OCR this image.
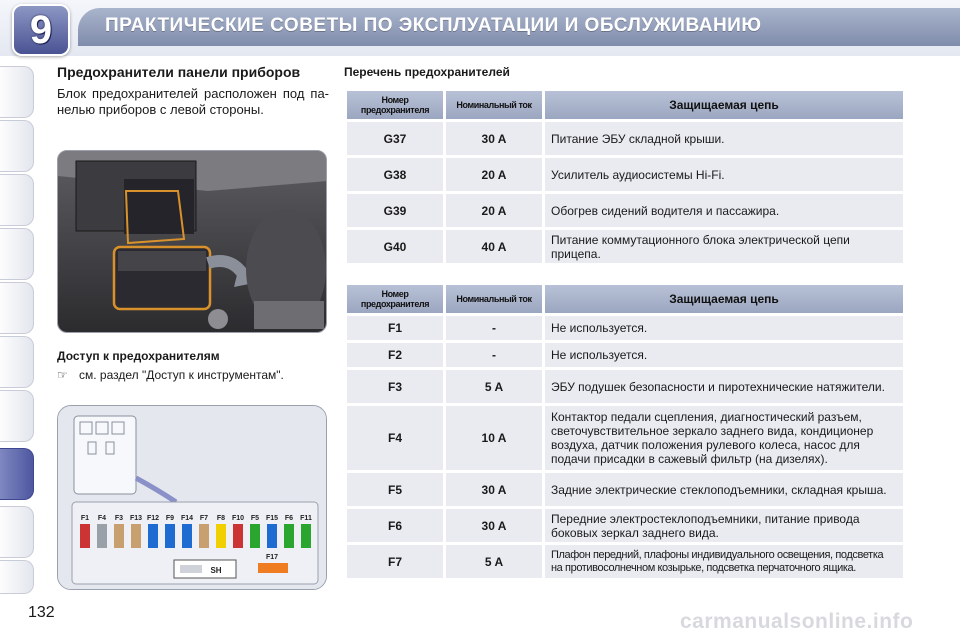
ПРАКТИЧЕСКИЕ СОВЕТЫ ПО ЭКСПЛУАТАЦИИ И ОБСЛУЖИВАНИЮ
9
Предохранители панели приборов
Блок предохранителей расположен под па- нелью приборов с левой стороны.
Доступ к предохранителям
☞ см. раздел "Доступ к инструментам".
F1 F4 F3 F13 F12 F9 F14 F7 F8 F10 F5 F15 F6 F11
SH
F17
Перечень предохранителей
Номер предохранителя	Номинальный ток	Защищаемая цепь
G37	30 A	Питание ЭБУ складной крыши.
G38	20 A	Усилитель аудиосистемы Hi-Fi.
G39	20 A	Обогрев сидений водителя и пассажира.
G40	40 A	Питание коммутационного блока электрической цепи прицепа.
Номер предохранителя	Номинальный ток	Защищаемая цепь
F1	-	Не используется.
F2	-	Не используется.
F3	5 A	ЭБУ подушек безопасности и пиротехнические натяжители.
F4	10 A	Контактор педали сцепления, диагностический разъем, светочувствительное зеркало заднего вида, кондиционер воздуха, датчик положения рулевого колеса, насос для подачи присадки в сажевый фильтр (на дизелях).
F5	30 A	Задние электрические стеклоподъемники, складная крыша.
F6	30 A	Передние электростеклоподъемники, питание привода боковых зеркал заднего вида.
F7	5 A	Плафон передний, плафоны индивидуального освещения, подсветка на противосолнечном козырьке, подсветка перчаточного ящика.
132	carmanualsonline.info
